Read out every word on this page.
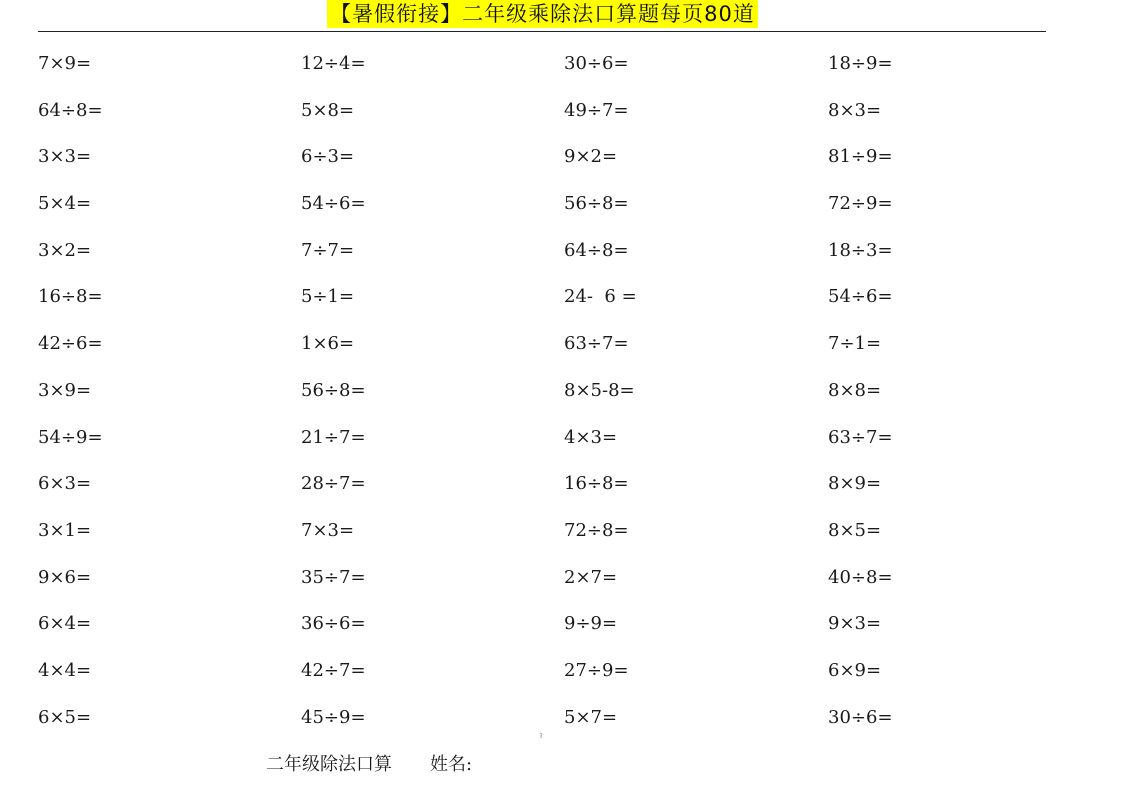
【暑假衔接】二年级乘除法口算题每页80道
7×9=	12÷4=	30÷6=	18÷9=
64÷8=	5×8=	49÷7=	8×3=
3×3=	6÷3=	9×2=	81÷9=
5×4=	54÷6=	56÷8=	72÷9=
3×2=	7÷7=	64÷8=	18÷3=
16÷8=	5÷1=	24-  6 =	54÷6=
42÷6=	1×6=	63÷7=	7÷1=
3×9=	56÷8=	8×5-8=	8×8=
54÷9=	21÷7=	4×3=	63÷7=
6×3=	28÷7=	16÷8=	8×9=
3×1=	7×3=	72÷8=	8×5=
9×6=	35÷7=	2×7=	40÷8=
6×4=	36÷6=	9÷9=	9×3=
4×4=	42÷7=	27÷9=	6×9=
6×5=	45÷9=	5×7=	30÷6=
ˀ
二年级除法口算 姓名:
